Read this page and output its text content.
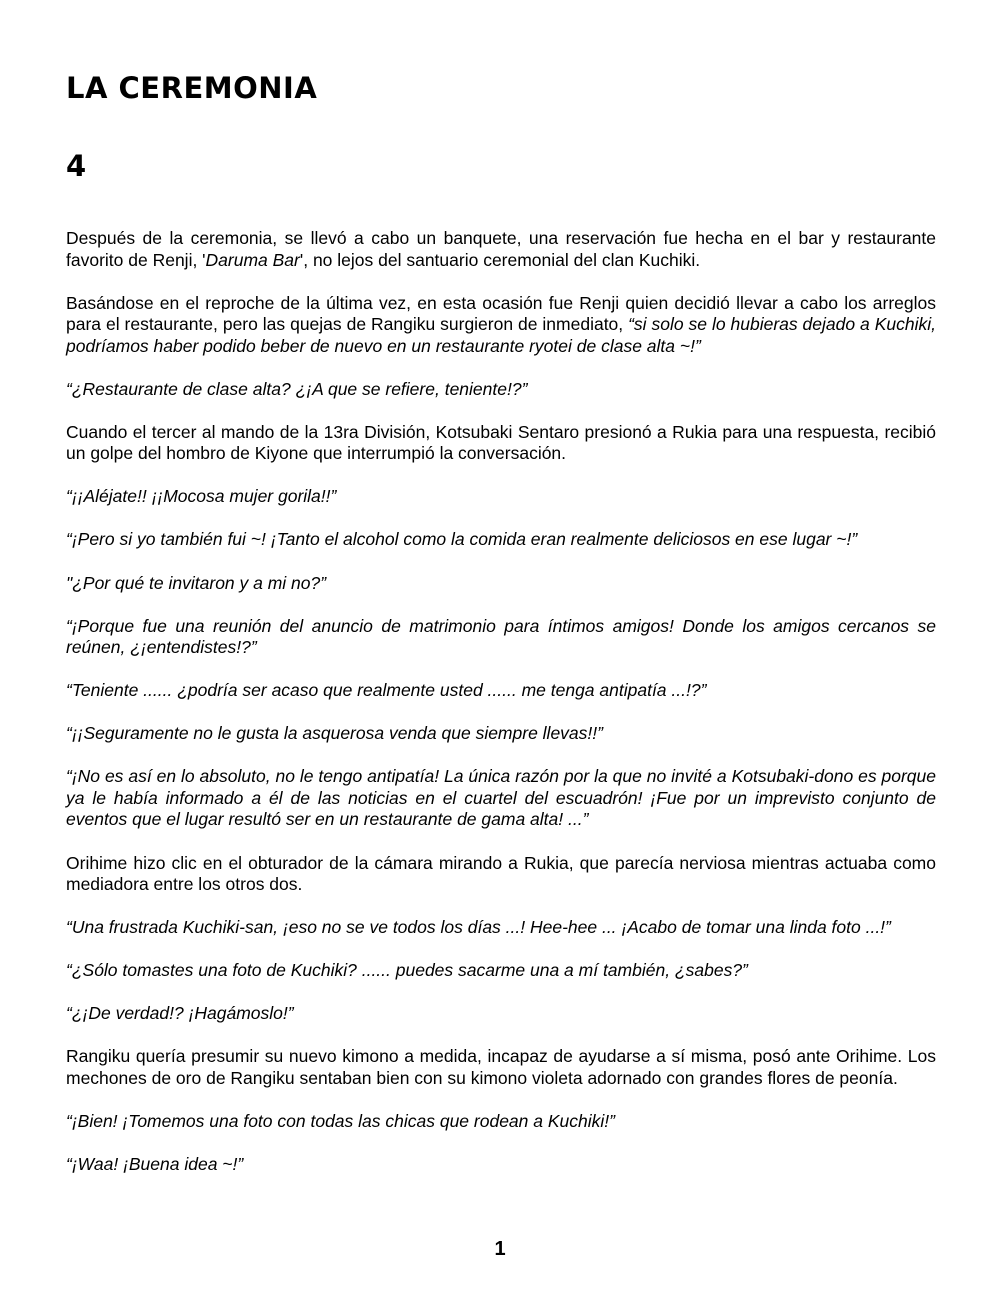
LA CEREMONIA
4

Después de la ceremonia, se llevó a cabo un banquete, una reservación fue hecha en el bar y restaurante favorito de Renji, 'Daruma Bar', no lejos del santuario ceremonial del clan Kuchiki.

Basándose en el reproche de la última vez, en esta ocasión fue Renji quien decidió llevar a cabo los arreglos para el restaurante, pero las quejas de Rangiku surgieron de inmediato, “si solo se lo hubieras dejado a Kuchiki, podríamos haber podido beber de nuevo en un restaurante ryotei de clase alta ~!”

“¿Restaurante de clase alta? ¿¡A que se refiere, teniente!?”

Cuando el tercer al mando de la 13ra División, Kotsubaki Sentaro presionó a Rukia para una respuesta, recibió un golpe del hombro de Kiyone que interrumpió la conversación.

“¡¡Aléjate!! ¡¡Mocosa mujer gorila!!”

“¡Pero si yo también fui ~! ¡Tanto el alcohol como la comida eran realmente deliciosos en ese lugar ~!”

"¿Por qué te invitaron y a mi no?”

“¡Porque fue una reunión del anuncio de matrimonio para íntimos amigos! Donde los amigos cercanos se reúnen, ¿¡entendistes!?”

“Teniente ...... ¿podría ser acaso que realmente usted ...... me tenga antipatía ...!?”

“¡¡Seguramente no le gusta la asquerosa venda que siempre llevas!!”

“¡No es así en lo absoluto, no le tengo antipatía! La única razón por la que no invité a Kotsubaki-dono es porque ya le había informado a él de las noticias en el cuartel del escuadrón! ¡Fue por un imprevisto conjunto de eventos que el lugar resultó ser en un restaurante de gama alta! ...”

Orihime hizo clic en el obturador de la cámara mirando a Rukia, que parecía nerviosa mientras actuaba como mediadora entre los otros dos.

“Una frustrada Kuchiki-san, ¡eso no se ve todos los días ...! Hee-hee ... ¡Acabo de tomar una linda foto ...!”

“¿Sólo tomastes una foto de Kuchiki? ...... puedes sacarme una a mí también, ¿sabes?”

“¿¡De verdad!? ¡Hagámoslo!”

Rangiku quería presumir su nuevo kimono a medida, incapaz de ayudarse a sí misma, posó ante Orihime. Los mechones de oro de Rangiku sentaban bien con su kimono violeta adornado con grandes flores de peonía.

“¡Bien! ¡Tomemos una foto con todas las chicas que rodean a Kuchiki!”

“¡Waa! ¡Buena idea ~!”

1
